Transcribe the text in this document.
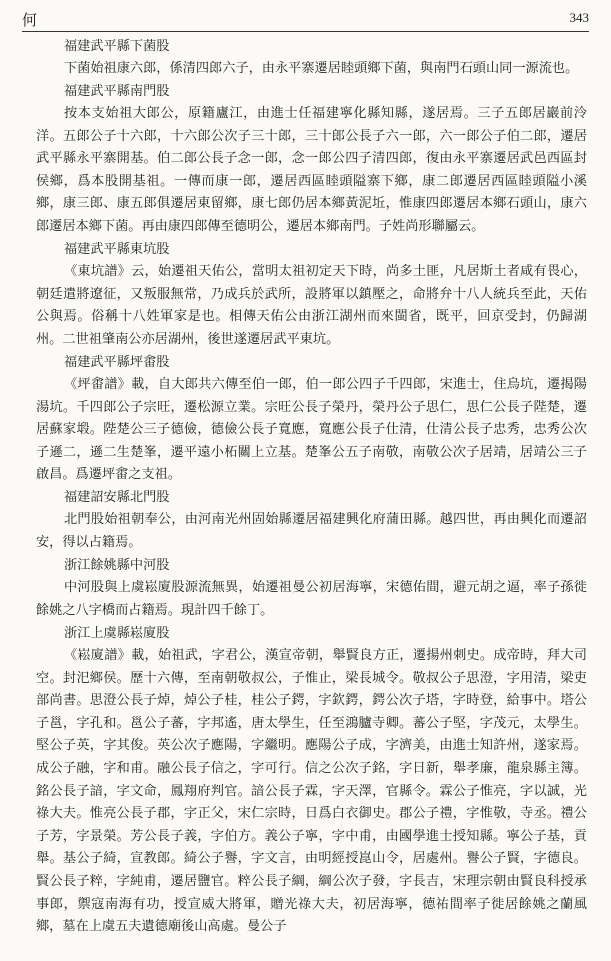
何	343
福建武平縣下菌股

下菌始祖康六郎，係清四郎六子，由永平寨遷居睦頭鄉下菌，與南門石頭山同一源流也。

福建武平縣南門股

按本支始祖大郎公，原籍廬江，由進士任福建寧化縣知縣，遂居焉。三子五郎居巖前泠洋。五郎公子十六郎，十六郎公次子三十郎，三十郎公長子六一郎，六一郎公子伯二郎，遷居武平縣永平寨開基。伯二郎公長子念一郎，念一郎公四子清四郎，復由永平寨遷居武邑西區封侯鄉，爲本股開基祖。一傳而康一郎，遷居西區睦頭隘寨下鄉，康二郎遷居西區睦頭隘小溪鄉，康三郎、康五郎俱遷居東留鄉，康七郎仍居本鄉黃泥坵，惟康四郎遷居本鄉石頭山，康六郎遷居本鄉下菌。再由康四郎傳至德明公，遷居本鄉南門。子姓尚形聯屬云。

福建武平縣東坑股

《東坑譜》云，始遷祖天佑公，當明太祖初定天下時，尚多土匪，凡居斯土者咸有畏心，朝廷遣將遼征，又叛服無常，乃成兵於武所，設將軍以鎮壓之，命將弁十八人統兵至此，天佑公與焉。俗稱十八姓軍家是也。相傳天佑公由浙江湖州而來閩省，既平，回京受封，仍歸湖州。二世祖肇南公亦居湖州，後世遂遷居武平東坑。

福建武平縣坪畬股

《坪畬譜》載，自大郎共六傳至伯一郎，伯一郎公四子千四郎，宋進士，住烏坑，遷揭陽湯坑。千四郎公子宗旺，遷松源立業。宗旺公長子榮丹，榮丹公子思仁，思仁公長子陛楚，遷居蘇家塅。陛楚公三子德儉，德儉公長子寬應，寬應公長子仕清，仕清公長子忠秀，忠秀公次子遜二，遜二生楚峯，遷平遠小柘關上立基。楚峯公五子南敬，南敬公次子居靖，居靖公三子啟昌。爲遷坪畬之支祖。

福建詔安縣北門股

北門股始祖朝奉公，由河南光州固始縣遷居福建興化府蒲田縣。越四世，再由興化而遷詔安，得以占籍焉。

浙江餘姚縣中河股

中河股與上虞崧廈股源流無異，始遷祖曼公初居海寧，宋德佑間，避元胡之逼，率子孫徙餘姚之八字橋而占籍焉。現計四千餘丁。

浙江上虞縣崧廈股

《崧廈譜》載，始祖武，字君公，漢宣帝朝，舉賢良方正，遷揚州刺史。成帝時，拜大司空。封汜鄉侯。歷十六傳，至南朝敬叔公，子惟止，梁長城令。敬叔公子思澄，字用清，梁吏部尚書。思澄公長子焯，焯公子桂，桂公子鍔，字欽鍔，鍔公次子塔，字時登，給事中。塔公子邕，字孔和。邕公子蕃，字邦遙，唐太學生，任至鴻臚寺卿。蕃公子堅，字茂元，太學生。堅公子英，字其俊。英公次子應陽，字繼明。應陽公子成，字濟美，由進士知許州，遂家焉。成公子融，字和甫。融公長子信之，字可行。信之公次子銘，字日新，舉孝廉，龍泉縣主簿。銘公長子諳，字文命，鳳翔府判官。諳公長子霖，字天澤，官縣令。霖公子惟亮，字以誠，光祿大夫。惟亮公長子郡，字正父，宋仁宗時，日爲白衣御史。郡公子禮，字惟敬，寺丞。禮公子芳，字景榮。芳公長子義，字伯方。義公子寧，字中甫，由國學進士授知縣。寧公子基，貢舉。基公子綺，宣教郎。綺公子譽，字文言，由明經授崑山令，居處州。譽公子賢，字德良。賢公長子粹，字純甫，遷居鹽官。粹公長子綱，綱公次子發，字長吉，宋理宗朝由賢良科授承事郎，禦寇南海有功，授宣威大將軍，贈光祿大夫，初居海寧，德祐間率子徙居餘姚之蘭風鄉，墓在上虞五夫遺德廟後山高處。曼公子
